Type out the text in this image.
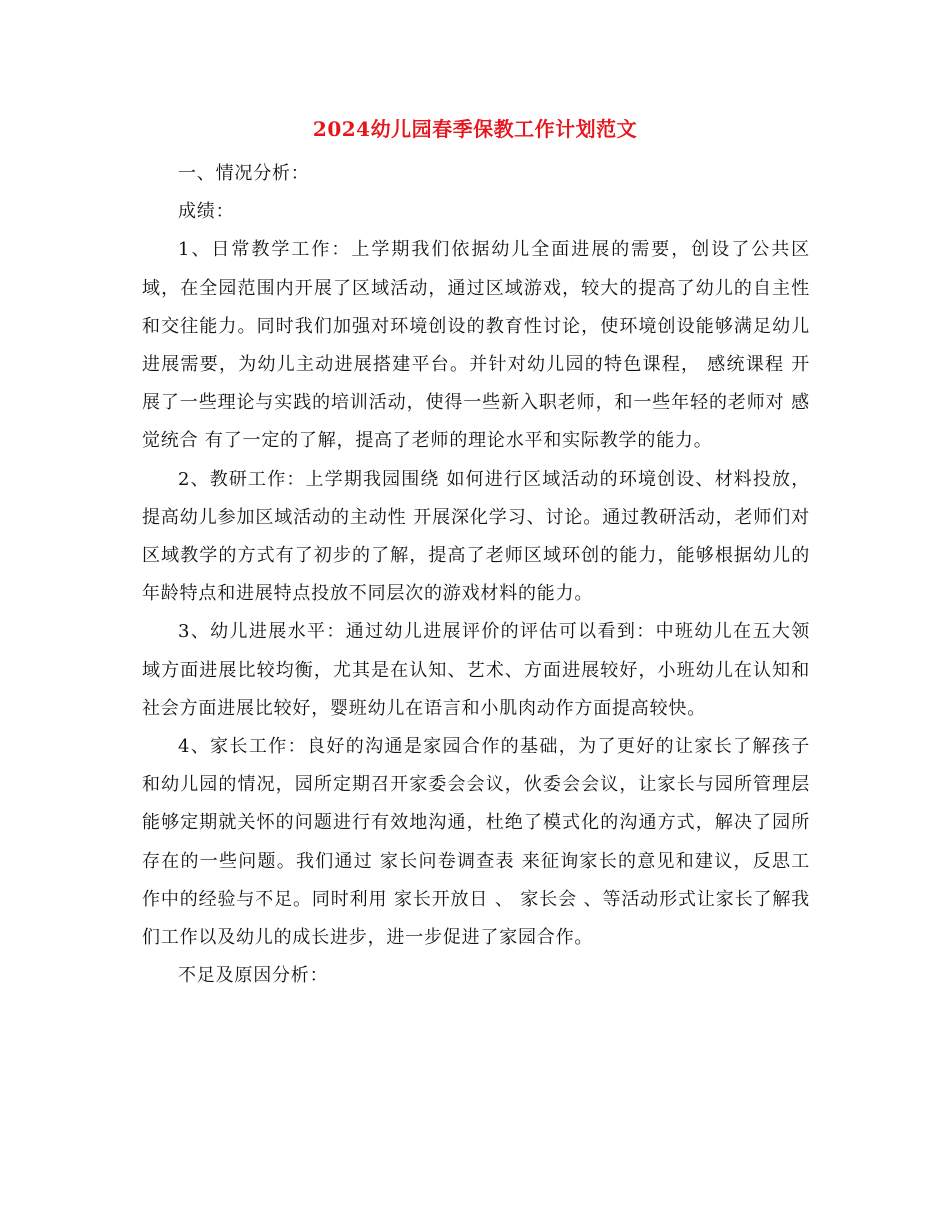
2024幼儿园春季保教工作计划范文

一、情况分析：

成绩：

1、日常教学工作：上学期我们依据幼儿全面进展的需要，创设了公共区域，在全园范围内开展了区域活动，通过区域游戏，较大的提高了幼儿的自主性和交往能力。同时我们加强对环境创设的教育性讨论，使环境创设能够满足幼儿进展需要，为幼儿主动进展搭建平台。并针对幼儿园的特色课程， 感统课程 开展了一些理论与实践的培训活动，使得一些新入职老师，和一些年轻的老师对 感觉统合 有了一定的了解，提高了老师的理论水平和实际教学的能力。

2、教研工作：上学期我园围绕 如何进行区域活动的环境创设、材料投放，提高幼儿参加区域活动的主动性 开展深化学习、讨论。通过教研活动，老师们对区域教学的方式有了初步的了解，提高了老师区域环创的能力，能够根据幼儿的年龄特点和进展特点投放不同层次的游戏材料的能力。

3、幼儿进展水平：通过幼儿进展评价的评估可以看到：中班幼儿在五大领域方面进展比较均衡，尤其是在认知、艺术、方面进展较好，小班幼儿在认知和社会方面进展比较好，婴班幼儿在语言和小肌肉动作方面提高较快。

4、家长工作：良好的沟通是家园合作的基础，为了更好的让家长了解孩子和幼儿园的情况，园所定期召开家委会会议，伙委会会议，让家长与园所管理层能够定期就关怀的问题进行有效地沟通，杜绝了模式化的沟通方式，解决了园所存在的一些问题。我们通过 家长问卷调查表 来征询家长的意见和建议，反思工作中的经验与不足。同时利用 家长开放日 、 家长会 、等活动形式让家长了解我们工作以及幼儿的成长进步，进一步促进了家园合作。

不足及原因分析：
